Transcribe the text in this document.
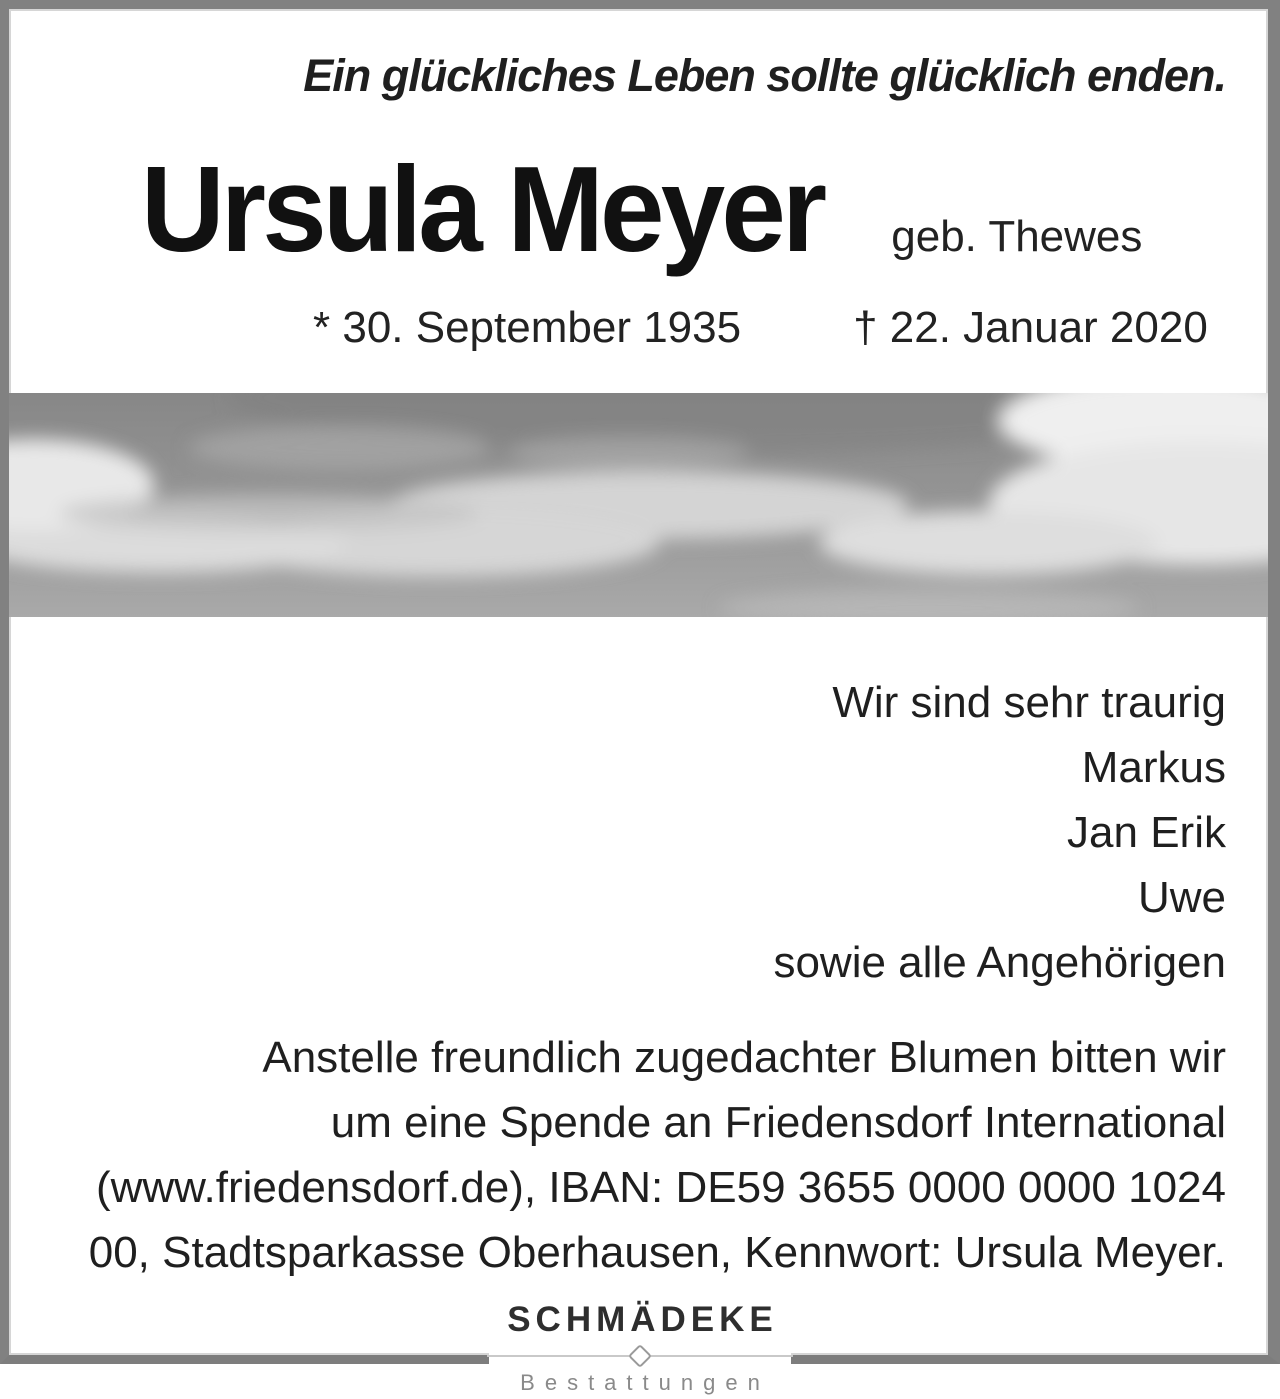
Ein glückliches Leben sollte glücklich enden.
Ursula Meyer geb. Thewes
* 30. September 1935	† 22. Januar 2020
Wir sind sehr traurig
Markus
Jan Erik
Uwe
sowie alle Angehörigen
Anstelle freundlich zugedachter Blumen bitten wir
um eine Spende an Friedensdorf International
(www.friedensdorf.de), IBAN: DE59 3655 0000 0000 1024
00, Stadtsparkasse Oberhausen, Kennwort: Ursula Meyer.
SCHMÄDEKE
Bestattungen
